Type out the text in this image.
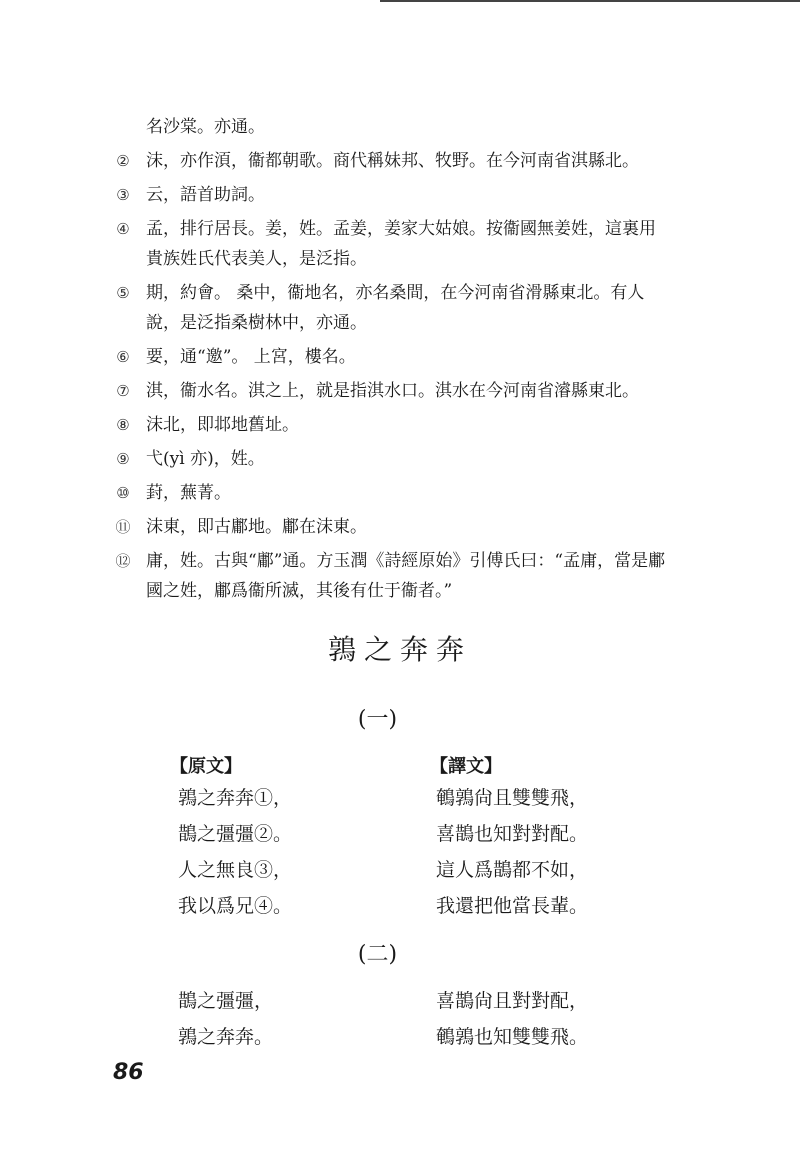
名沙棠。亦通。
② 沫，亦作湏，衞都朝歌。商代稱妹邦、牧野。在今河南省淇縣北。
③ 云，語首助詞。
④ 孟，排行居長。姜，姓。孟姜，姜家大姑娘。按衞國無姜姓，這裏用
貴族姓氏代表美人，是泛指。
⑤ 期，約會。 桑中，衞地名，亦名桑間，在今河南省滑縣東北。有人
說，是泛指桑樹林中，亦通。
⑥ 要，通“邀”。 上宮，樓名。
⑦ 淇，衞水名。淇之上，就是指淇水口。淇水在今河南省濬縣東北。
⑧ 沫北，即邶地舊址。
⑨ 弋(yì 亦)，姓。
⑩ 葑，蕪菁。
⑪ 沫東，即古鄘地。鄘在沫東。
⑫ 庸，姓。古與“鄘”通。方玉潤《詩經原始》引傅氏曰：“孟庸，當是鄘
國之姓，鄘爲衞所滅，其後有仕于衞者。”
鶉之奔奔
(一)
【原文】	【譯文】
鶉之奔奔①，
鵲之彊彊②。
人之無良③，
我以爲兄④。
鵪鶉尙且雙雙飛，
喜鵲也知對對配。
這人爲鵲都不如，
我還把他當長輩。
(二)
鵲之彊彊，
鶉之奔奔。
喜鵲尙且對對配，
鵪鶉也知雙雙飛。
86
